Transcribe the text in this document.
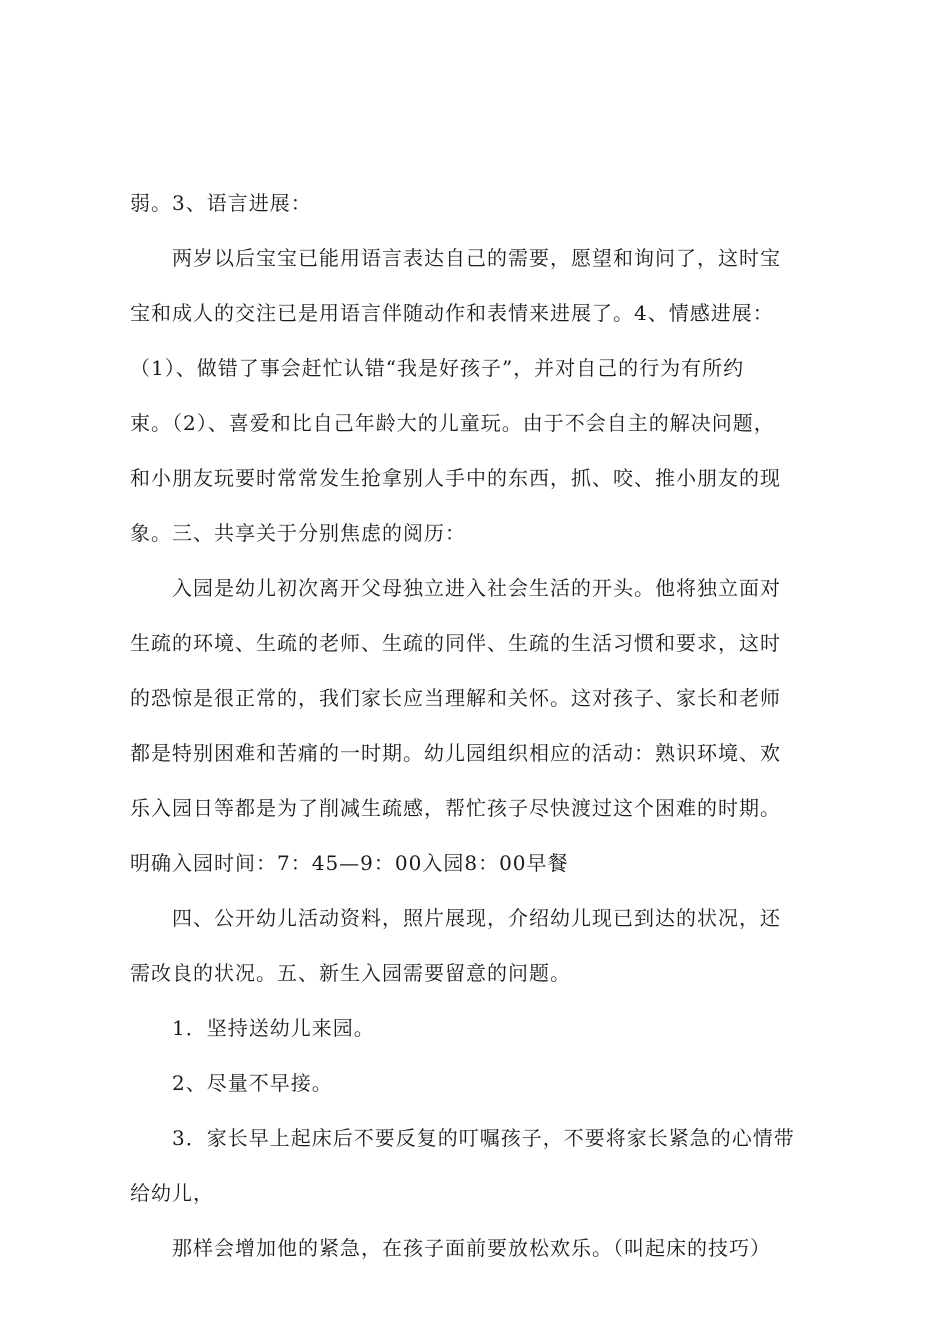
弱。3、语言进展：
两岁以后宝宝已能用语言表达自己的需要，愿望和询问了，这时宝
宝和成人的交注已是用语言伴随动作和表情来进展了。4、情感进展：
（1）、做错了事会赶忙认错“我是好孩子”，并对自己的行为有所约
束。（2）、喜爱和比自己年龄大的儿童玩。由于不会自主的解决问题，
和小朋友玩要时常常发生抢拿别人手中的东西，抓、咬、推小朋友的现
象。三、共享关于分别焦虑的阅历：
入园是幼儿初次离开父母独立进入社会生活的开头。他将独立面对
生疏的环境、生疏的老师、生疏的同伴、生疏的生活习惯和要求，这时
的恐惊是很正常的，我们家长应当理解和关怀。这对孩子、家长和老师
都是特别困难和苦痛的一时期。幼儿园组织相应的活动：熟识环境、欢
乐入园日等都是为了削减生疏感，帮忙孩子尽快渡过这个困难的时期。
明确入园时间：7：45—9：00入园8：00早餐
四、公开幼儿活动资料，照片展现，介绍幼儿现已到达的状况，还
需改良的状况。五、新生入园需要留意的问题。
1．坚持送幼儿来园。
2、尽量不早接。
3．家长早上起床后不要反复的叮嘱孩子，不要将家长紧急的心情带
给幼儿，
那样会增加他的紧急，在孩子面前要放松欢乐。（叫起床的技巧）
